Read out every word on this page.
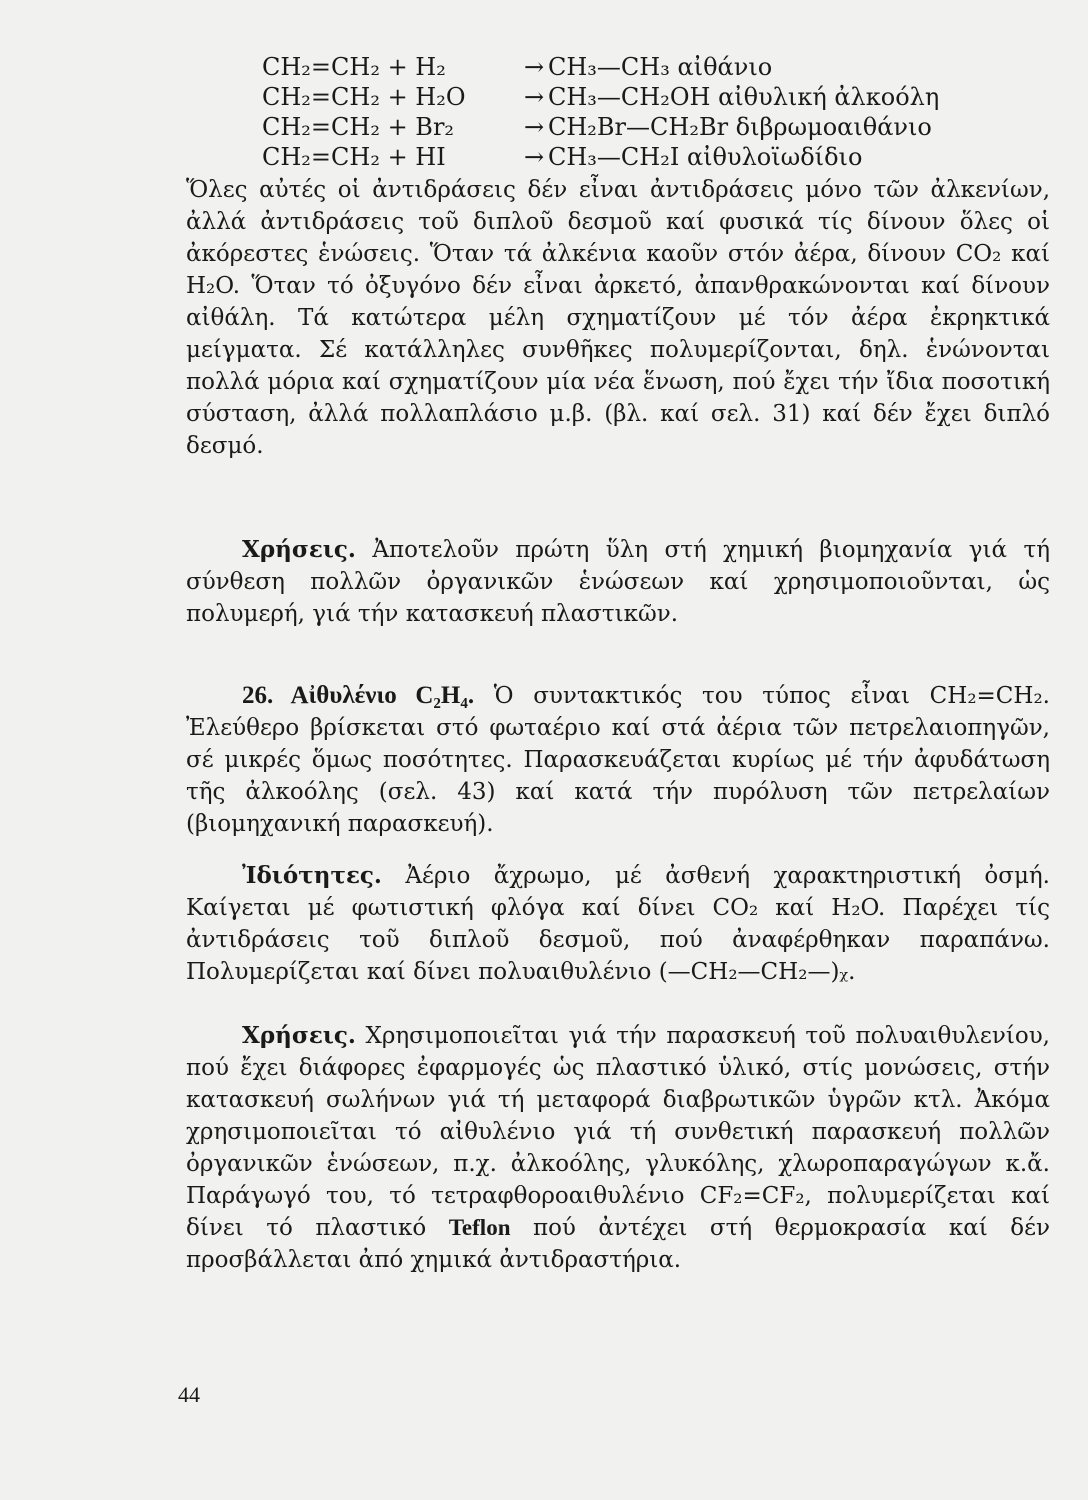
CH₂=CH₂ + H₂	→ CH₃—CH₃ αἰθάνιο
CH₂=CH₂ + H₂O	→ CH₃—CH₂OH αἰθυλική ἀλκοόλη
CH₂=CH₂ + Br₂	→ CH₂Br—CH₂Br διβρωμοαιθάνιο
CH₂=CH₂ + HI	→ CH₃—CH₂I αἰθυλοϊωδίδιο

Ὅλες αὐτές οἱ ἀντιδράσεις δέν εἶναι ἀντιδράσεις μόνο τῶν ἀλκενίων, ἀλλά ἀντιδράσεις τοῦ διπλοῦ δεσμοῦ καί φυσικά τίς δίνουν ὅλες οἱ ἀκόρεστες ἑνώσεις. Ὅταν τά ἀλκένια καοῦν στόν ἀέρα, δίνουν CO₂ καί H₂O. Ὅταν τό ὀξυγόνο δέν εἶναι ἀρκετό, ἀπανθρακώνονται καί δίνουν αἰθάλη. Τά κατώτερα μέλη σχηματίζουν μέ τόν ἀέρα ἐκρηκτικά μείγματα. Σέ κατάλληλες συνθῆκες πολυμερίζονται, δηλ. ἑνώνονται πολλά μόρια καί σχηματίζουν μία νέα ἕνωση, πού ἔχει τήν ἴδια ποσοτική σύσταση, ἀλλά πολλαπλάσιο μ.β. (βλ. καί σελ. 31) καί δέν ἔχει διπλό δεσμό.

Χρήσεις. Ἀποτελοῦν πρώτη ὕλη στή χημική βιομηχανία γιά τή σύνθεση πολλῶν ὀργανικῶν ἑνώσεων καί χρησιμοποιοῦνται, ὡς πολυμερή, γιά τήν κατασκευή πλαστικῶν.

26. Αἰθυλένιο C₂H₄. Ὁ συντακτικός του τύπος εἶναι CH₂=CH₂. Ἐλεύθερο βρίσκεται στό φωταέριο καί στά ἀέρια τῶν πετρελαιοπηγῶν, σέ μικρές ὅμως ποσότητες. Παρασκευάζεται κυρίως μέ τήν ἀφυδάτωση τῆς ἀλκοόλης (σελ. 43) καί κατά τήν πυρόλυση τῶν πετρελαίων (βιομηχανική παρασκευή).

Ἰδιότητες. Ἀέριο ἄχρωμο, μέ ἀσθενή χαρακτηριστική ὀσμή. Καίγεται μέ φωτιστική φλόγα καί δίνει CO₂ καί H₂O. Παρέχει τίς ἀντιδράσεις τοῦ διπλοῦ δεσμοῦ, πού ἀναφέρθηκαν παραπάνω. Πολυμερίζεται καί δίνει πολυαιθυλένιο (—CH₂—CH₂—)ᵪ.

Χρήσεις. Χρησιμοποιεῖται γιά τήν παρασκευή τοῦ πολυαιθυλενίου, πού ἔχει διάφορες ἐφαρμογές ὡς πλαστικό ὑλικό, στίς μονώσεις, στήν κατασκευή σωλήνων γιά τή μεταφορά διαβρωτικῶν ὑγρῶν κτλ. Ἀκόμα χρησιμοποιεῖται τό αἰθυλένιο γιά τή συνθετική παρασκευή πολλῶν ὀργανικῶν ἑνώσεων, π.χ. ἀλκοόλης, γλυκόλης, χλωροπαραγώγων κ.ἄ. Παράγωγό του, τό τετραφθοροαιθυλένιο CF₂=CF₂, πολυμερίζεται καί δίνει τό πλαστικό Teflon πού ἀντέχει στή θερμοκρασία καί δέν προσβάλλεται ἀπό χημικά ἀντιδραστήρια.

44
